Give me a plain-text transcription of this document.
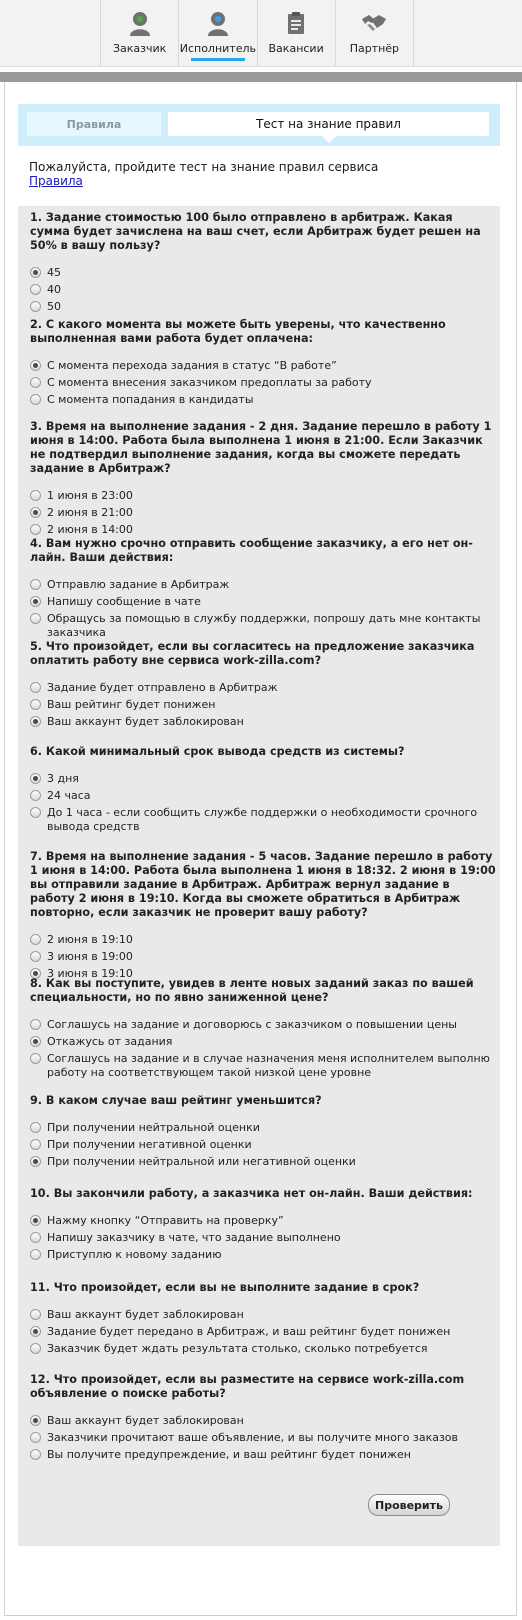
Заказчик Исполнитель Вакансии Партнёр
Правила	Тест на знание правил
Пожалуйста, пройдите тест на знание правил сервиса
Правила
1. Задание стоимостью 100 было отправлено в арбитраж. Какая сумма будет зачислена на ваш счет, если Арбитраж будет решен на 50% в вашу пользу?
45
40
50
2. С какого момента вы можете быть уверены, что качественно выполненная вами работа будет оплачена:
С момента перехода задания в статус “В работе”
С момента внесения заказчиком предоплаты за работу
С момента попадания в кандидаты
3. Время на выполнение задания - 2 дня. Задание перешло в работу 1 июня в 14:00. Работа была выполнена 1 июня в 21:00. Если Заказчик не подтвердил выполнение задания, когда вы сможете передать задание в Арбитраж?
1 июня в 23:00
2 июня в 21:00
2 июня в 14:00
4. Вам нужно срочно отправить сообщение заказчику, а его нет он-лайн. Ваши действия:
Отправлю задание в Арбитраж
Напишу сообщение в чате
Обращусь за помощью в службу поддержки, попрошу дать мне контакты заказчика
5. Что произойдет, если вы согласитесь на предложение заказчика оплатить работу вне сервиса work-zilla.com?
Задание будет отправлено в Арбитраж
Ваш рейтинг будет понижен
Ваш аккаунт будет заблокирован
6. Какой минимальный срок вывода средств из системы?
3 дня
24 часа
До 1 часа - если сообщить службе поддержки о необходимости срочного вывода средств
7. Время на выполнение задания - 5 часов. Задание перешло в работу 1 июня в 14:00. Работа была выполнена 1 июня в 18:32. 2 июня в 19:00 вы отправили задание в Арбитраж. Арбитраж вернул задание в работу 2 июня в 19:10. Когда вы сможете обратиться в Арбитраж повторно, если заказчик не проверит вашу работу?
2 июня в 19:10
3 июня в 19:00
3 июня в 19:10
8. Как вы поступите, увидев в ленте новых заданий заказ по вашей специальности, но по явно заниженной цене?
Соглашусь на задание и договорюсь с заказчиком о повышении цены
Откажусь от задания
Соглашусь на задание и в случае назначения меня исполнителем выполню работу на соответствующем такой низкой цене уровне
9. В каком случае ваш рейтинг уменьшится?
При получении нейтральной оценки
При получении негативной оценки
При получении нейтральной или негативной оценки
10. Вы закончили работу, а заказчика нет он-лайн. Ваши действия:
Нажму кнопку “Отправить на проверку”
Напишу заказчику в чате, что задание выполнено
Приступлю к новому заданию
11. Что произойдет, если вы не выполните задание в срок?
Ваш аккаунт будет заблокирован
Задание будет передано в Арбитраж, и ваш рейтинг будет понижен
Заказчик будет ждать результата столько, сколько потребуется
12. Что произойдет, если вы разместите на сервисе work-zilla.com объявление о поиске работы?
Ваш аккаунт будет заблокирован
Заказчики прочитают ваше объявление, и вы получите много заказов
Вы получите предупреждение, и ваш рейтинг будет понижен
Проверить
